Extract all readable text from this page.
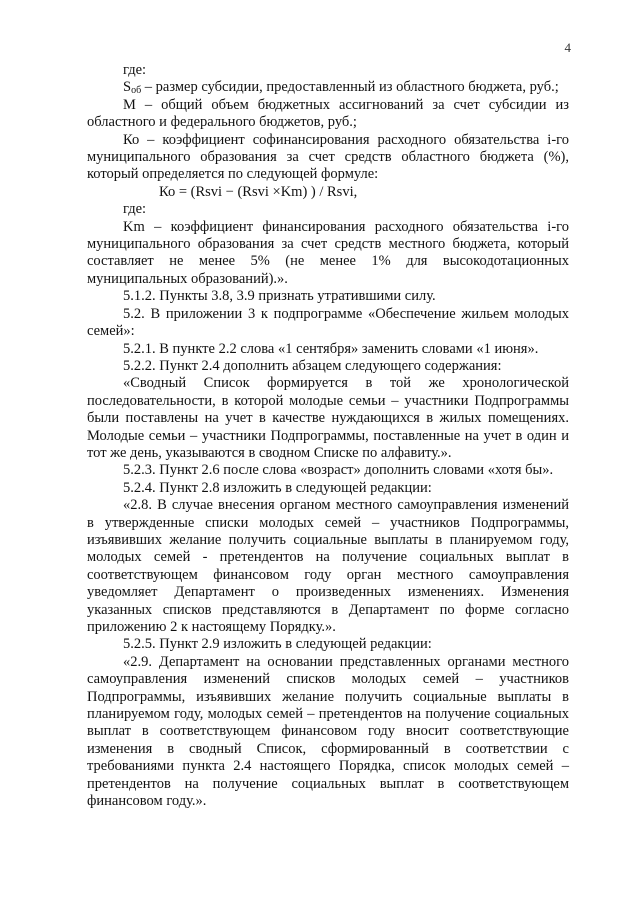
4

где:

$S_{об}$ – размер субсидии, предоставленный из областного бюджета, руб.;

М – общий объем бюджетных ассигнований за счет субсидии из областного и федерального бюджетов, руб.;

Ко – коэффициент софинансирования расходного обязательства i-го муниципального образования за счет средств областного бюджета (%), который определяется по следующей формуле:

Ко = (Rsvi − (Rsvi ×Km) ) / Rsvi,

где:

Km – коэффициент финансирования расходного обязательства i-го муниципального образования за счет средств местного бюджета, который составляет не менее 5% (не менее 1% для высокодотационных муниципальных образований).».

5.1.2. Пункты 3.8, 3.9 признать утратившими силу.

5.2. В приложении 3 к подпрограмме «Обеспечение жильем молодых семей»:

5.2.1. В пункте 2.2 слова «1 сентября» заменить словами «1 июня».

5.2.2. Пункт 2.4 дополнить абзацем следующего содержания:

«Сводный Список формируется в той же хронологической последовательности, в которой молодые семьи – участники Подпрограммы были поставлены на учет в качестве нуждающихся в жилых помещениях. Молодые семьи – участники Подпрограммы, поставленные на учет в один и тот же день, указываются в сводном Списке по алфавиту.».

5.2.3. Пункт 2.6 после слова «возраст» дополнить словами «хотя бы».

5.2.4. Пункт 2.8 изложить в следующей редакции:

«2.8. В случае внесения органом местного самоуправления изменений в утвержденные списки молодых семей – участников Подпрограммы, изъявивших желание получить социальные выплаты в планируемом году, молодых семей - претендентов на получение социальных выплат в соответствующем финансовом году орган местного самоуправления уведомляет Департамент о произведенных изменениях. Изменения указанных списков представляются в Департамент по форме согласно приложению 2 к настоящему Порядку.».

5.2.5. Пункт 2.9 изложить в следующей редакции:

«2.9. Департамент на основании представленных органами местного самоуправления изменений списков молодых семей – участников Подпрограммы, изъявивших желание получить социальные выплаты в планируемом году, молодых семей – претендентов на получение социальных выплат в соответствующем финансовом году вносит соответствующие изменения в сводный Список, сформированный в соответствии с требованиями пункта 2.4 настоящего Порядка, список молодых семей – претендентов на получение социальных выплат в соответствующем финансовом году.».
